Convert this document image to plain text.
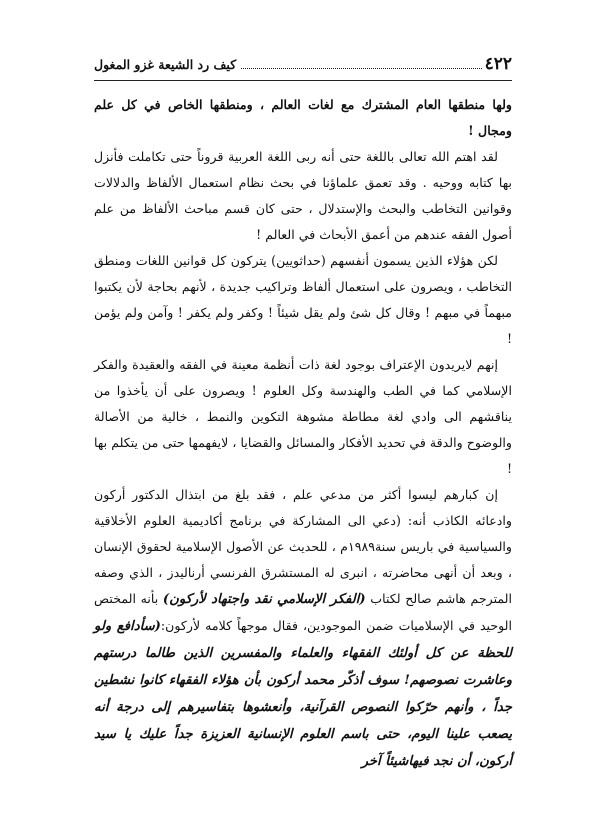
٤٢٢
كيف رد الشيعة غزو المغول

ولها منطقها العام المشترك مع لغات العالم ، ومنطقها الخاص في كل علم ومجال !

لقد اهتم الله تعالى باللغة حتى أنه ربى اللغة العربية قروناً حتى تكاملت فأنزل بها كتابه ووحيه . وقد تعمق علماؤنا في بحث نظام استعمال الألفاظ والدلالات وقوانين التخاطب والبحث والإستدلال ، حتى كان قسم مباحث الألفاظ من علم أصول الفقه عندهم من أعمق الأبحاث في العالم !

لكن هؤلاء الذين يسمون أنفسهم (حداثويين) يتركون كل قوانين اللغات ومنطق التخاطب ، ويصرون على استعمال ألفاظ وتراكيب جديدة ، لأنهم بحاجة لأن يكتبوا مبهماً في مبهم ! وقال كل شئ ولم يقل شيئاً ! وكفر ولم يكفر ! وآمن ولم يؤمن !

إنهم لايريدون الإعتراف بوجود لغة ذات أنظمة معينة في الفقه والعقيدة والفكر الإسلامي كما في الطب والهندسة وكل العلوم ! ويصرون على أن يأخذوا من يناقشهم الى وادي لغة مطاطة مشوهة التكوين والنمط ، خالية من الأصالة والوضوح والدقة في تحديد الأفكار والمسائل والقضايا ، لايفهمها حتى من يتكلم بها !

إن كبارهم ليسوا أكثر من مدعي علم ، فقد بلغ من ابتذال الدكتور أركون وادعائه الكاذب أنه: (دعي الى المشاركة في برنامج أكاديمية العلوم الأخلاقية والسياسية في باريس سنة١٩٨٩م ، للحديث عن الأصول الإسلامية لحقوق الإنسان ، وبعد أن أنهى محاضرته ، انبرى له المستشرق الفرنسي أرناليدز ، الذي وصفه المترجم هاشم صالح لكتاب (الفكر الإسلامي نقد واجتهاد لأركون) بأنه المختص الوحيد في الإسلاميات ضمن الموجودين، فقال موجهاً كلامه لأركون:(سأدافع ولو للحظة عن كل أولئك الفقهاء والعلماء والمفسرين الذين طالما درستهم وعاشرت نصوصهم! سوف أذكّر محمد أركون بأن هؤلاء الفقهاء كانوا نشطين جداً ، وأنهم حرّكوا النصوص القرآنية، وأنعشوها بتفاسيرهم إلى درجة أنه يصعب علينا اليوم، حتى باسم العلوم الإنسانية العزيزة جداً عليك يا سيد أركون، أن نجد فيهاشيئاً آخر
